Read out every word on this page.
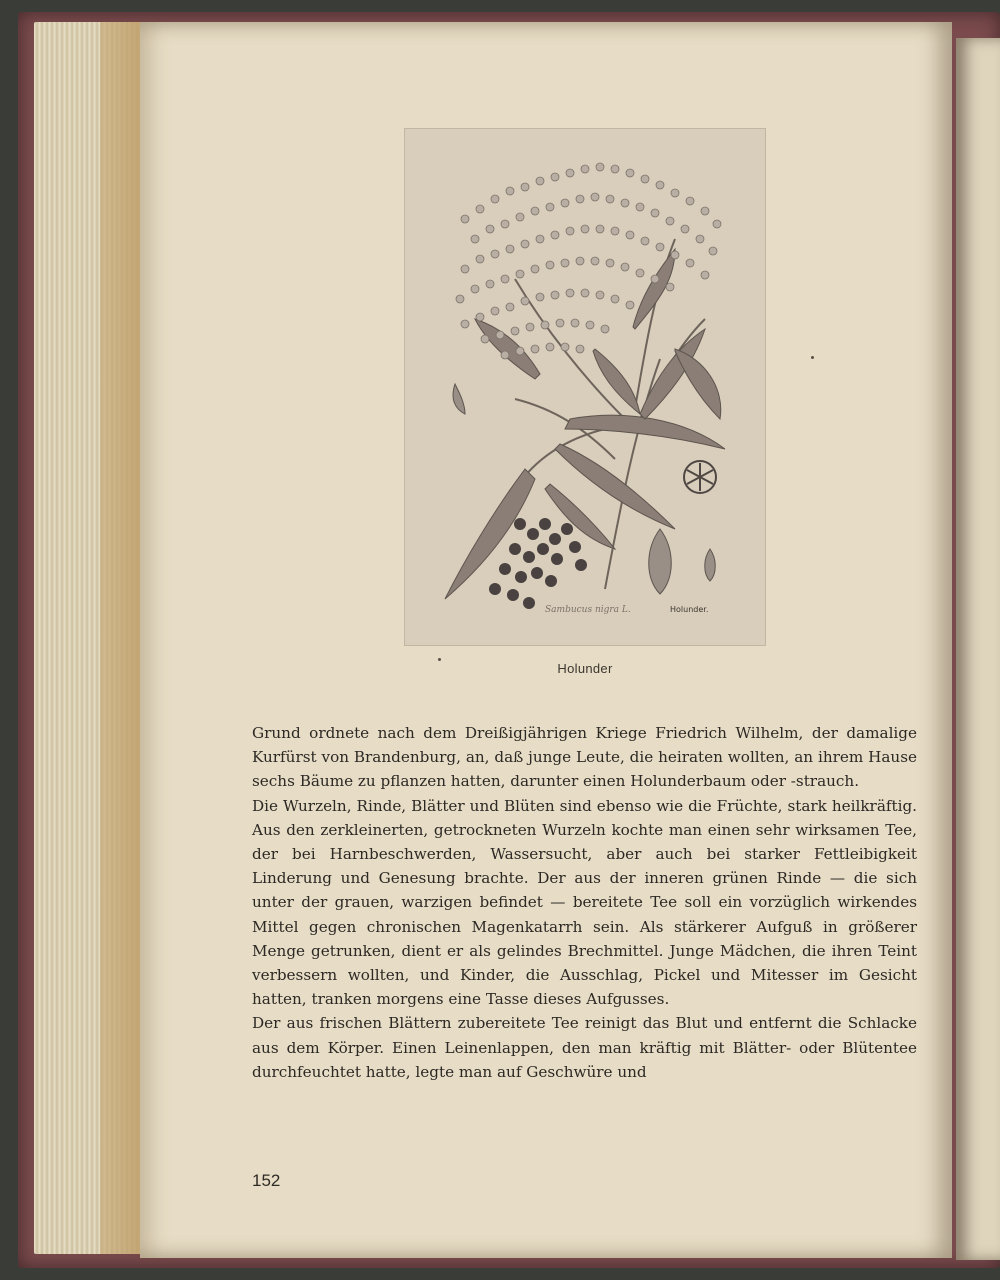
Holunder.
Sambucus nigra L.
Holunder

Grund ordnete nach dem Dreißigjährigen Kriege Friedrich Wilhelm, der damalige Kurfürst von Brandenburg, an, daß junge Leute, die heiraten wollten, an ihrem Hause sechs Bäume zu pflanzen hatten, darunter einen Holunderbaum oder -strauch.

Die Wurzeln, Rinde, Blätter und Blüten sind ebenso wie die Früchte, stark heilkräftig. Aus den zerkleinerten, getrockneten Wurzeln kochte man einen sehr wirksamen Tee, der bei Harnbeschwerden, Wassersucht, aber auch bei starker Fettleibigkeit Linderung und Genesung brachte. Der aus der inneren grünen Rinde — die sich unter der grauen, warzigen befindet — bereitete Tee soll ein vorzüglich wirkendes Mittel gegen chronischen Magenkatarrh sein. Als stärkerer Aufguß in größerer Menge getrunken, dient er als gelindes Brechmittel. Junge Mädchen, die ihren Teint verbessern wollten, und Kinder, die Ausschlag, Pickel und Mitesser im Gesicht hatten, tranken morgens eine Tasse dieses Aufgusses.

Der aus frischen Blättern zubereitete Tee reinigt das Blut und entfernt die Schlacke aus dem Körper. Einen Leinenlappen, den man kräftig mit Blätter- oder Blütentee durchfeuchtet hatte, legte man auf Geschwüre und

152
